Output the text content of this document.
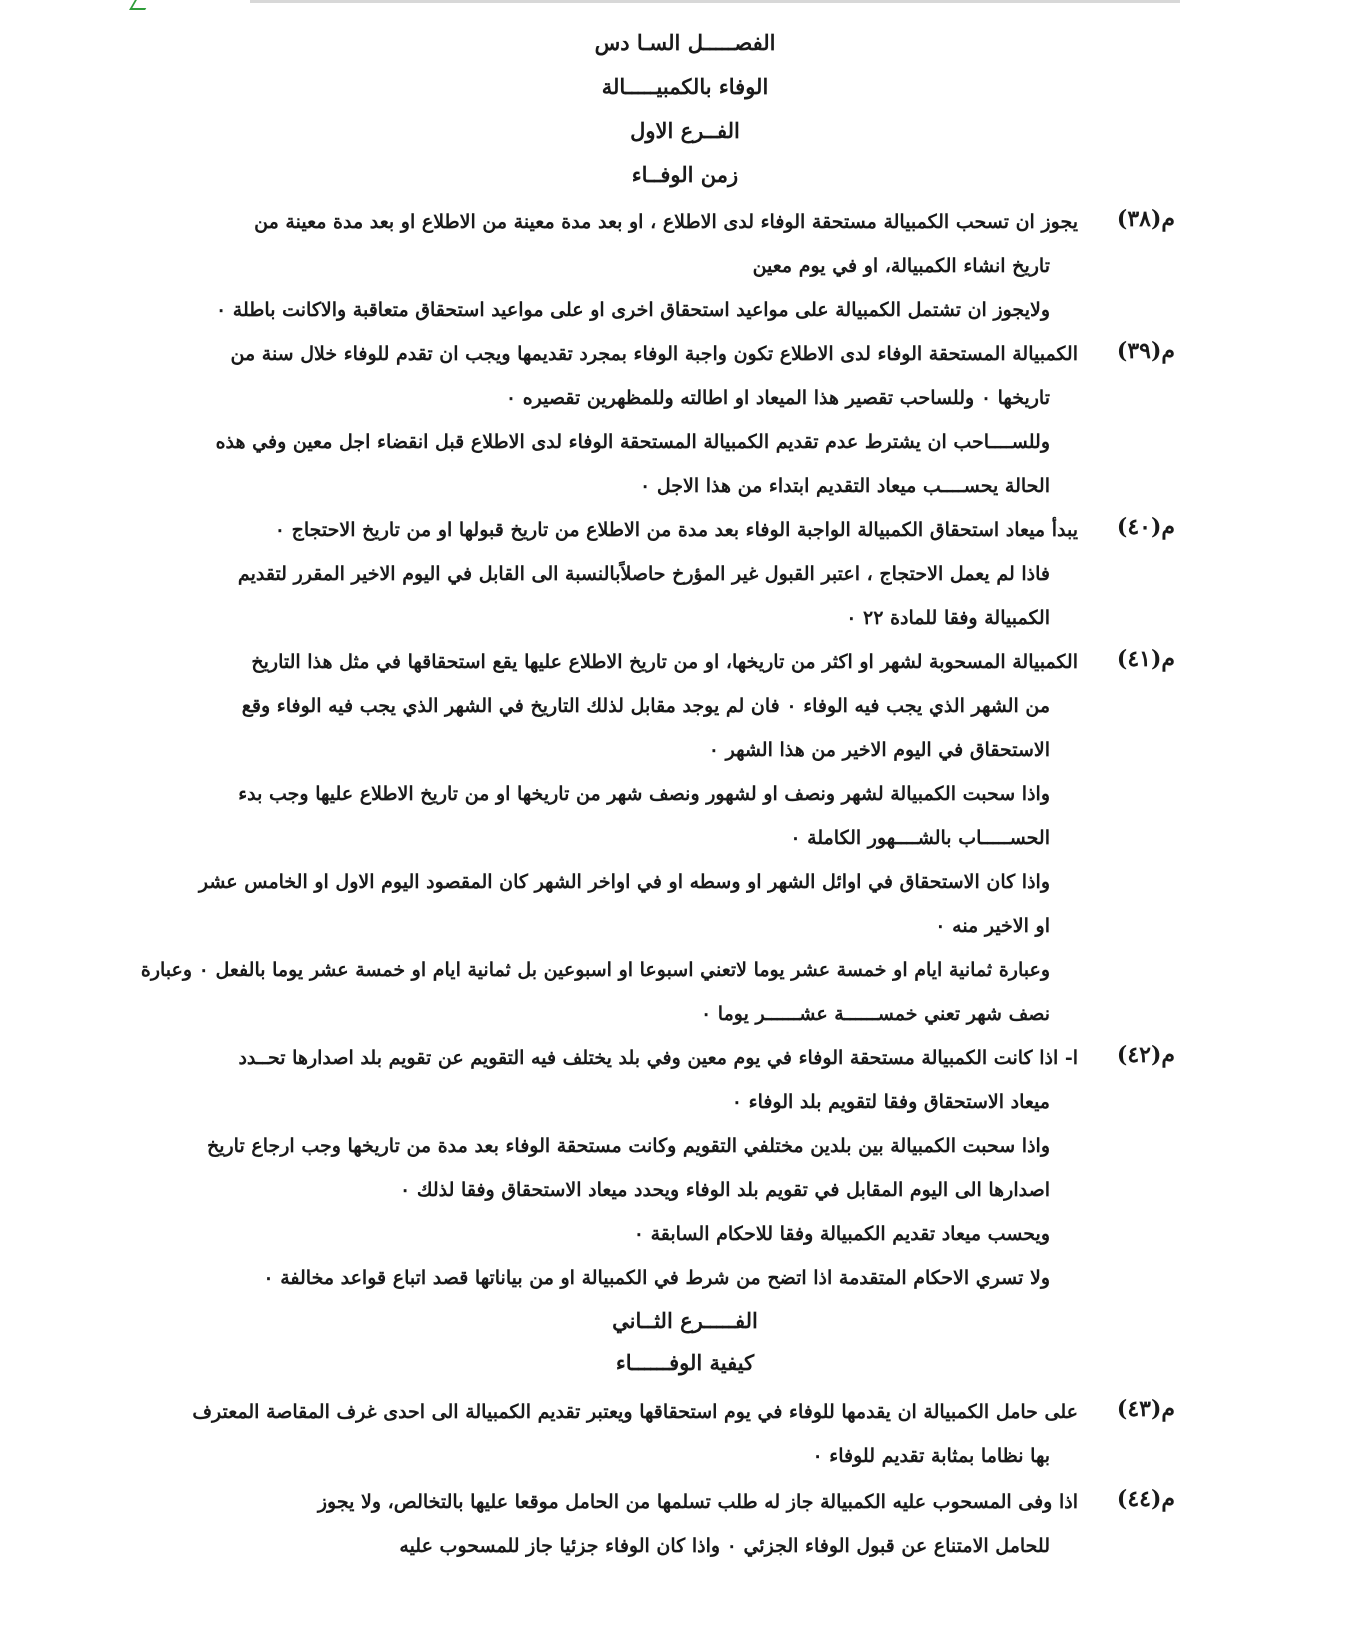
الفصـــــل السـا دس
الوفاء بالكمبيـــــالة
الفــرع الاول
زمن الوفــاء
م(٣٨)
يجوز ان تسحب الكمبيالة مستحقة الوفاء لدى الاطلاع ، او بعد مدة معينة من الاطلاع او بعد مدة معينة من
تاريخ انشاء الكمبيالة، او في يوم معين
ولايجوز ان تشتمل الكمبيالة على مواعيد استحقاق اخرى او على مواعيد استحقاق متعاقبة والاكانت باطلة ٠
م(٣٩)
الكمبيالة المستحقة الوفاء لدى الاطلاع تكون واجبة الوفاء بمجرد تقديمها ويجب ان تقدم للوفاء خلال سنة من
تاريخها ٠ وللساحب تقصير هذا الميعاد او اطالته وللمظهرين تقصيره ٠
وللســــاحب ان يشترط عدم تقديم الكمبيالة المستحقة الوفاء لدى الاطلاع قبل انقضاء اجل معين وفي هذه
الحالة يحســــب ميعاد التقديم ابتداء من هذا الاجل ٠
م(٤٠)
يبدأ ميعاد استحقاق الكمبيالة الواجبة الوفاء بعد مدة من الاطلاع من تاريخ قبولها او من تاريخ الاحتجاج ٠
فاذا لم يعمل الاحتجاج ، اعتبر القبول غير المؤرخ حاصلاًبالنسبة الى القابل في اليوم الاخير المقرر لتقديم
الكمبيالة وفقا للمادة ٢٢ ٠
م(٤١)
الكمبيالة المسحوبة لشهر او اكثر من تاريخها، او من تاريخ الاطلاع عليها يقع استحقاقها في مثل هذا التاريخ
من الشهر الذي يجب فيه الوفاء ٠ فان لم يوجد مقابل لذلك التاريخ في الشهر الذي يجب فيه الوفاء وقع
الاستحقاق في اليوم الاخير من هذا الشهر ٠
واذا سحبت الكمبيالة لشهر ونصف او لشهور ونصف شهر من تاريخها او من تاريخ الاطلاع عليها وجب بدء
الحســـــاب بالشــــهور الكاملة ٠
واذا كان الاستحقاق في اوائل الشهر او وسطه او في اواخر الشهر كان المقصود اليوم الاول او الخامس عشر
او الاخير منه ٠
وعبارة ثمانية ايام او خمسة عشر يوما لاتعني اسبوعا او اسبوعين بل ثمانية ايام او خمسة عشر يوما بالفعل ٠ وعبارة
نصف شهر تعني خمســــــة عشــــــر يوما ٠
م(٤٢)
ا- اذا كانت الكمبيالة مستحقة الوفاء في يوم معين وفي بلد يختلف فيه التقويم عن تقويم بلد اصدارها تحــدد
ميعاد الاستحقاق وفقا لتقويم بلد الوفاء ٠
واذا سحبت الكمبيالة بين بلدين مختلفي التقويم وكانت مستحقة الوفاء بعد مدة من تاريخها وجب ارجاع تاريخ
اصدارها الى اليوم المقابل في تقويم بلد الوفاء ويحدد ميعاد الاستحقاق وفقا لذلك ٠
ويحسب ميعاد تقديم الكمبيالة وفقا للاحكام السابقة ٠
ولا تسري الاحكام المتقدمة اذا اتضح من شرط في الكمبيالة او من بياناتها قصد اتباع قواعد مخالفة ٠
الفـــــرع الثــاني
كيفية الوفــــــاء
م(٤٣)
على حامل الكمبيالة ان يقدمها للوفاء في يوم استحقاقها ويعتبر تقديم الكمبيالة الى احدى غرف المقاصة المعترف
بها نظاما بمثابة تقديم للوفاء ٠
م(٤٤)
اذا وفى المسحوب عليه الكمبيالة جاز له طلب تسلمها من الحامل موقعا عليها بالتخالص، ولا يجوز
للحامل الامتناع عن قبول الوفاء الجزئي ٠ واذا كان الوفاء جزئيا جاز للمسحوب عليه
